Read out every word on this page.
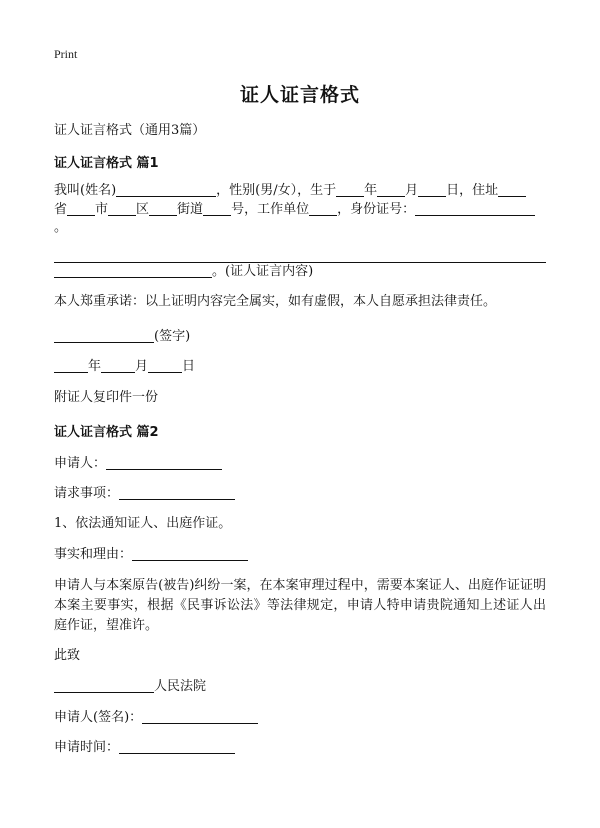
Print
证人证言格式
证人证言格式（通用3篇）
证人证言格式 篇1
我叫(姓名)	，性别(男/女），生于 年 月 日，住址
省 市 区 街道 号，工作单位 ，身份证号：
。
。(证人证言内容)
本人郑重承诺：以上证明内容完全属实，如有虚假，本人自愿承担法律责任。
(签字)
年	月	日
附证人复印件一份
证人证言格式 篇2
申请人：
请求事项：
1、依法通知证人、出庭作证。
事实和理由：
申请人与本案原告(被告)纠纷一案，在本案审理过程中，需要本案证人、出庭作证证明本案主要事实，根据《民事诉讼法》等法律规定，申请人特申请贵院通知上述证人出庭作证，望准许。
此致
人民法院
申请人(签名)：
申请时间：
